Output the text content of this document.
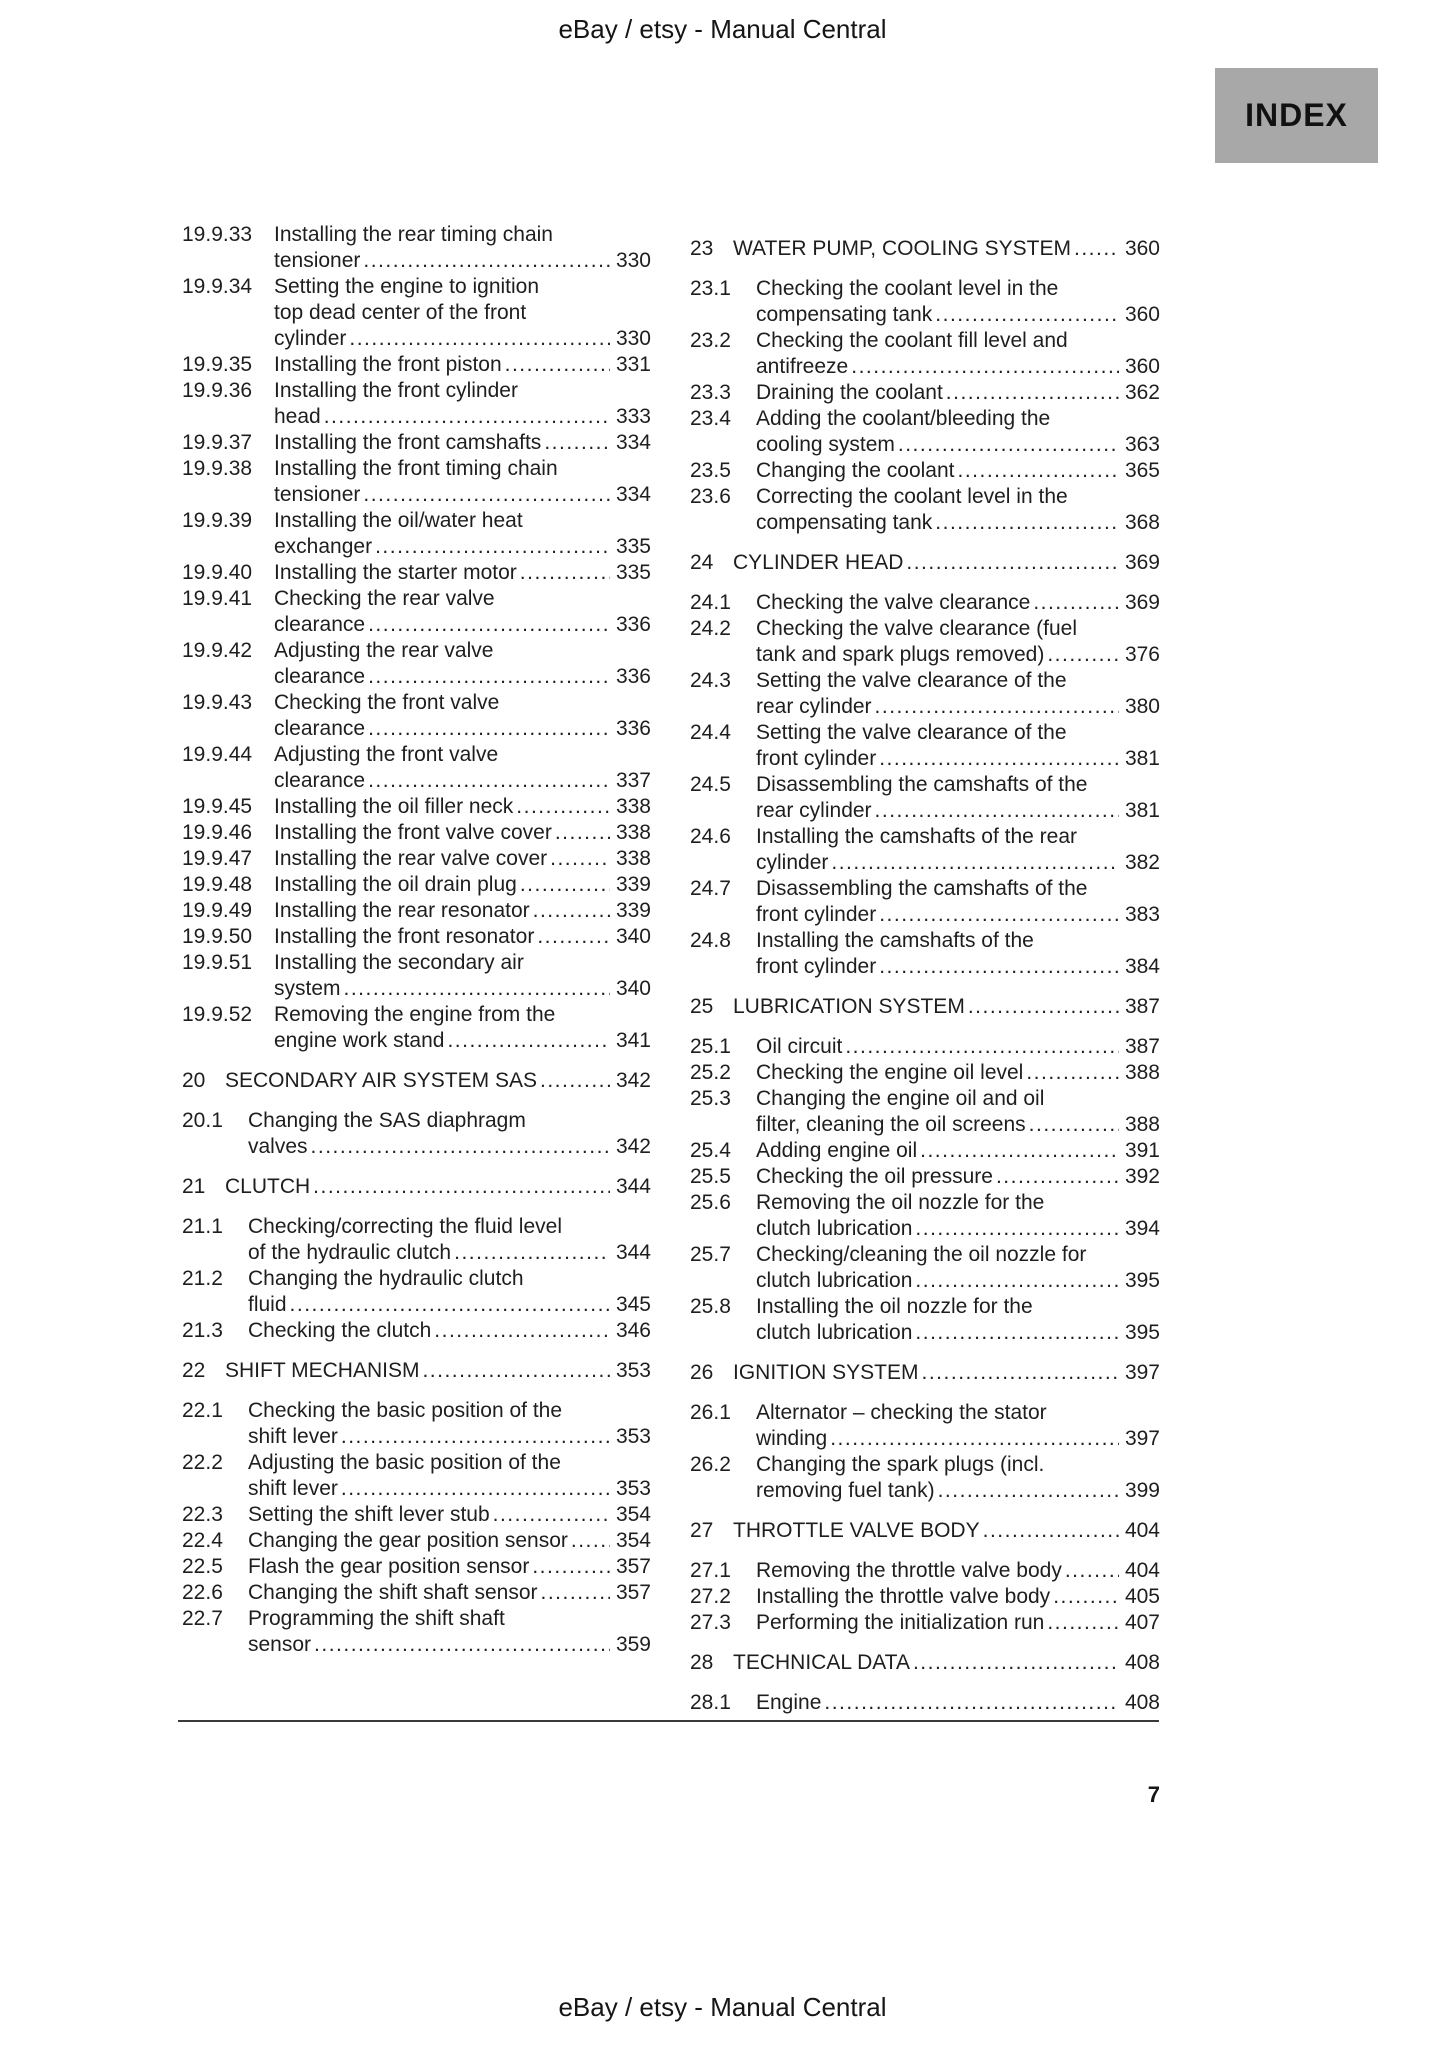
eBay / etsy - Manual Central
INDEX
19.9.33	Installing the rear timing chain
tensioner .....	330
19.9.34	Setting the engine to ignition
top dead center of the front
cylinder .....	330
19.9.35	Installing the front piston .....	331
19.9.36	Installing the front cylinder
head .....	333
19.9.37	Installing the front camshafts .....	334
19.9.38	Installing the front timing chain
tensioner .....	334
19.9.39	Installing the oil/water heat
exchanger .....	335
19.9.40	Installing the starter motor .....	335
19.9.41	Checking the rear valve
clearance .....	336
19.9.42	Adjusting the rear valve
clearance .....	336
19.9.43	Checking the front valve
clearance .....	336
19.9.44	Adjusting the front valve
clearance .....	337
19.9.45	Installing the oil filler neck .....	338
19.9.46	Installing the front valve cover .....	338
19.9.47	Installing the rear valve cover .....	338
19.9.48	Installing the oil drain plug .....	339
19.9.49	Installing the rear resonator .....	339
19.9.50	Installing the front resonator .....	340
19.9.51	Installing the secondary air
system .....	340
19.9.52	Removing the engine from the
engine work stand .....	341
20 SECONDARY AIR SYSTEM SAS .....	342
20.1	Changing the SAS diaphragm
valves .....	342
21 CLUTCH .....	344
21.1	Checking/correcting the fluid level
of the hydraulic clutch .....	344
21.2	Changing the hydraulic clutch
fluid .....	345
21.3	Checking the clutch .....	346
22 SHIFT MECHANISM .....	353
22.1	Checking the basic position of the
shift lever .....	353
22.2	Adjusting the basic position of the
shift lever .....	353
22.3	Setting the shift lever stub .....	354
22.4	Changing the gear position sensor ..... 354
22.5	Flash the gear position sensor .....	357
22.6	Changing the shift shaft sensor .....	357
22.7	Programming the shift shaft
sensor .....	359
23 WATER PUMP, COOLING SYSTEM .....	360
23.1	Checking the coolant level in the
compensating tank .....	360
23.2	Checking the coolant fill level and
antifreeze .....	360
23.3	Draining the coolant .....	362
23.4	Adding the coolant/bleeding the
cooling system .....	363
23.5	Changing the coolant .....	365
23.6	Correcting the coolant level in the
compensating tank .....	368
24 CYLINDER HEAD .....	369
24.1	Checking the valve clearance .....	369
24.2	Checking the valve clearance (fuel
tank and spark plugs removed) .....	376
24.3	Setting the valve clearance of the
rear cylinder .....	380
24.4	Setting the valve clearance of the
front cylinder .....	381
24.5	Disassembling the camshafts of the
rear cylinder .....	381
24.6	Installing the camshafts of the rear
cylinder .....	382
24.7	Disassembling the camshafts of the
front cylinder .....	383
24.8	Installing the camshafts of the
front cylinder .....	384
25 LUBRICATION SYSTEM .....	387
25.1	Oil circuit .....	387
25.2	Checking the engine oil level .....	388
25.3	Changing the engine oil and oil
filter, cleaning the oil screens .....	388
25.4	Adding engine oil .....	391
25.5	Checking the oil pressure .....	392
25.6	Removing the oil nozzle for the
clutch lubrication .....	394
25.7	Checking/cleaning the oil nozzle for
clutch lubrication .....	395
25.8	Installing the oil nozzle for the
clutch lubrication .....	395
26 IGNITION SYSTEM .....	397
26.1	Alternator – checking the stator
winding .....	397
26.2	Changing the spark plugs (incl.
removing fuel tank) .....	399
27 THROTTLE VALVE BODY .....	404
27.1	Removing the throttle valve body .....	404
27.2	Installing the throttle valve body .....	405
27.3	Performing the initialization run .....	407
28 TECHNICAL DATA .....	408
28.1	Engine .....	408
7
eBay / etsy - Manual Central
